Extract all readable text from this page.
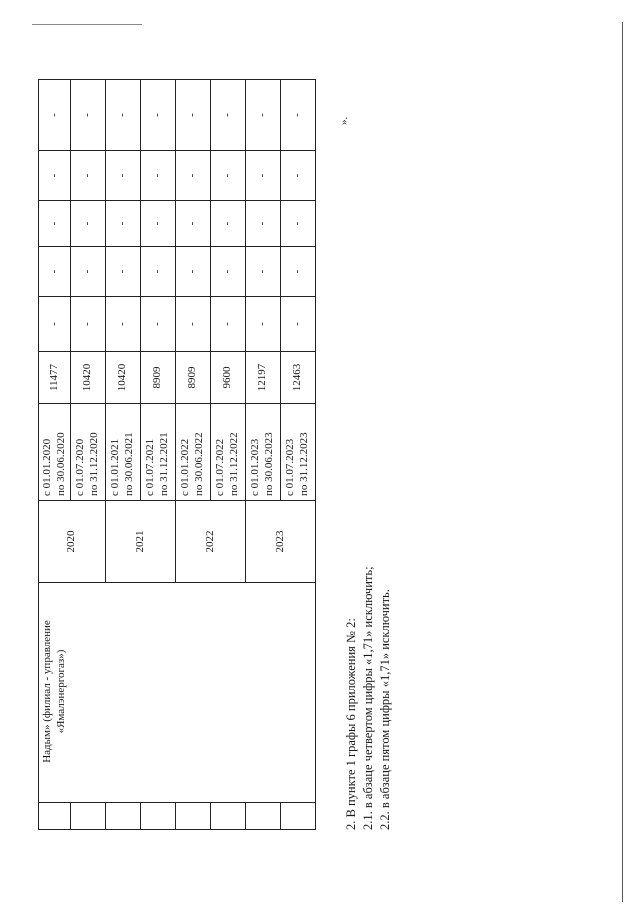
	Надым» (филиал - управление «Ямалэнергогаз»)	2020	с 01.01.2020 по 30.06.2020	11477	-	-	-	-	-

			с 01.07.2020 по 31.12.2020	10420	-	-	-	-	-
		2021	с 01.01.2021 по 30.06.2021	10420	-	-	-	-	-

			с 01.07.2021 по 31.12.2021	8909	-	-	-	-	-
		2022	с 01.01.2022 по 30.06.2022	8909	-	-	-	-	-

			с 01.07.2022 по 31.12.2022	9600	-	-	-	-	-
		2023	с 01.01.2023 по 30.06.2023	12197	-	-	-	-	-

			с 01.07.2023 по 31.12.2023	12463	-	-	-	-	-
».
2. В пункте 1 графы 6 приложения № 2: 2.1. в абзаце четвертом цифры «1,71» исключить; 2.2. в абзаце пятом цифры «1,71» исключить.
